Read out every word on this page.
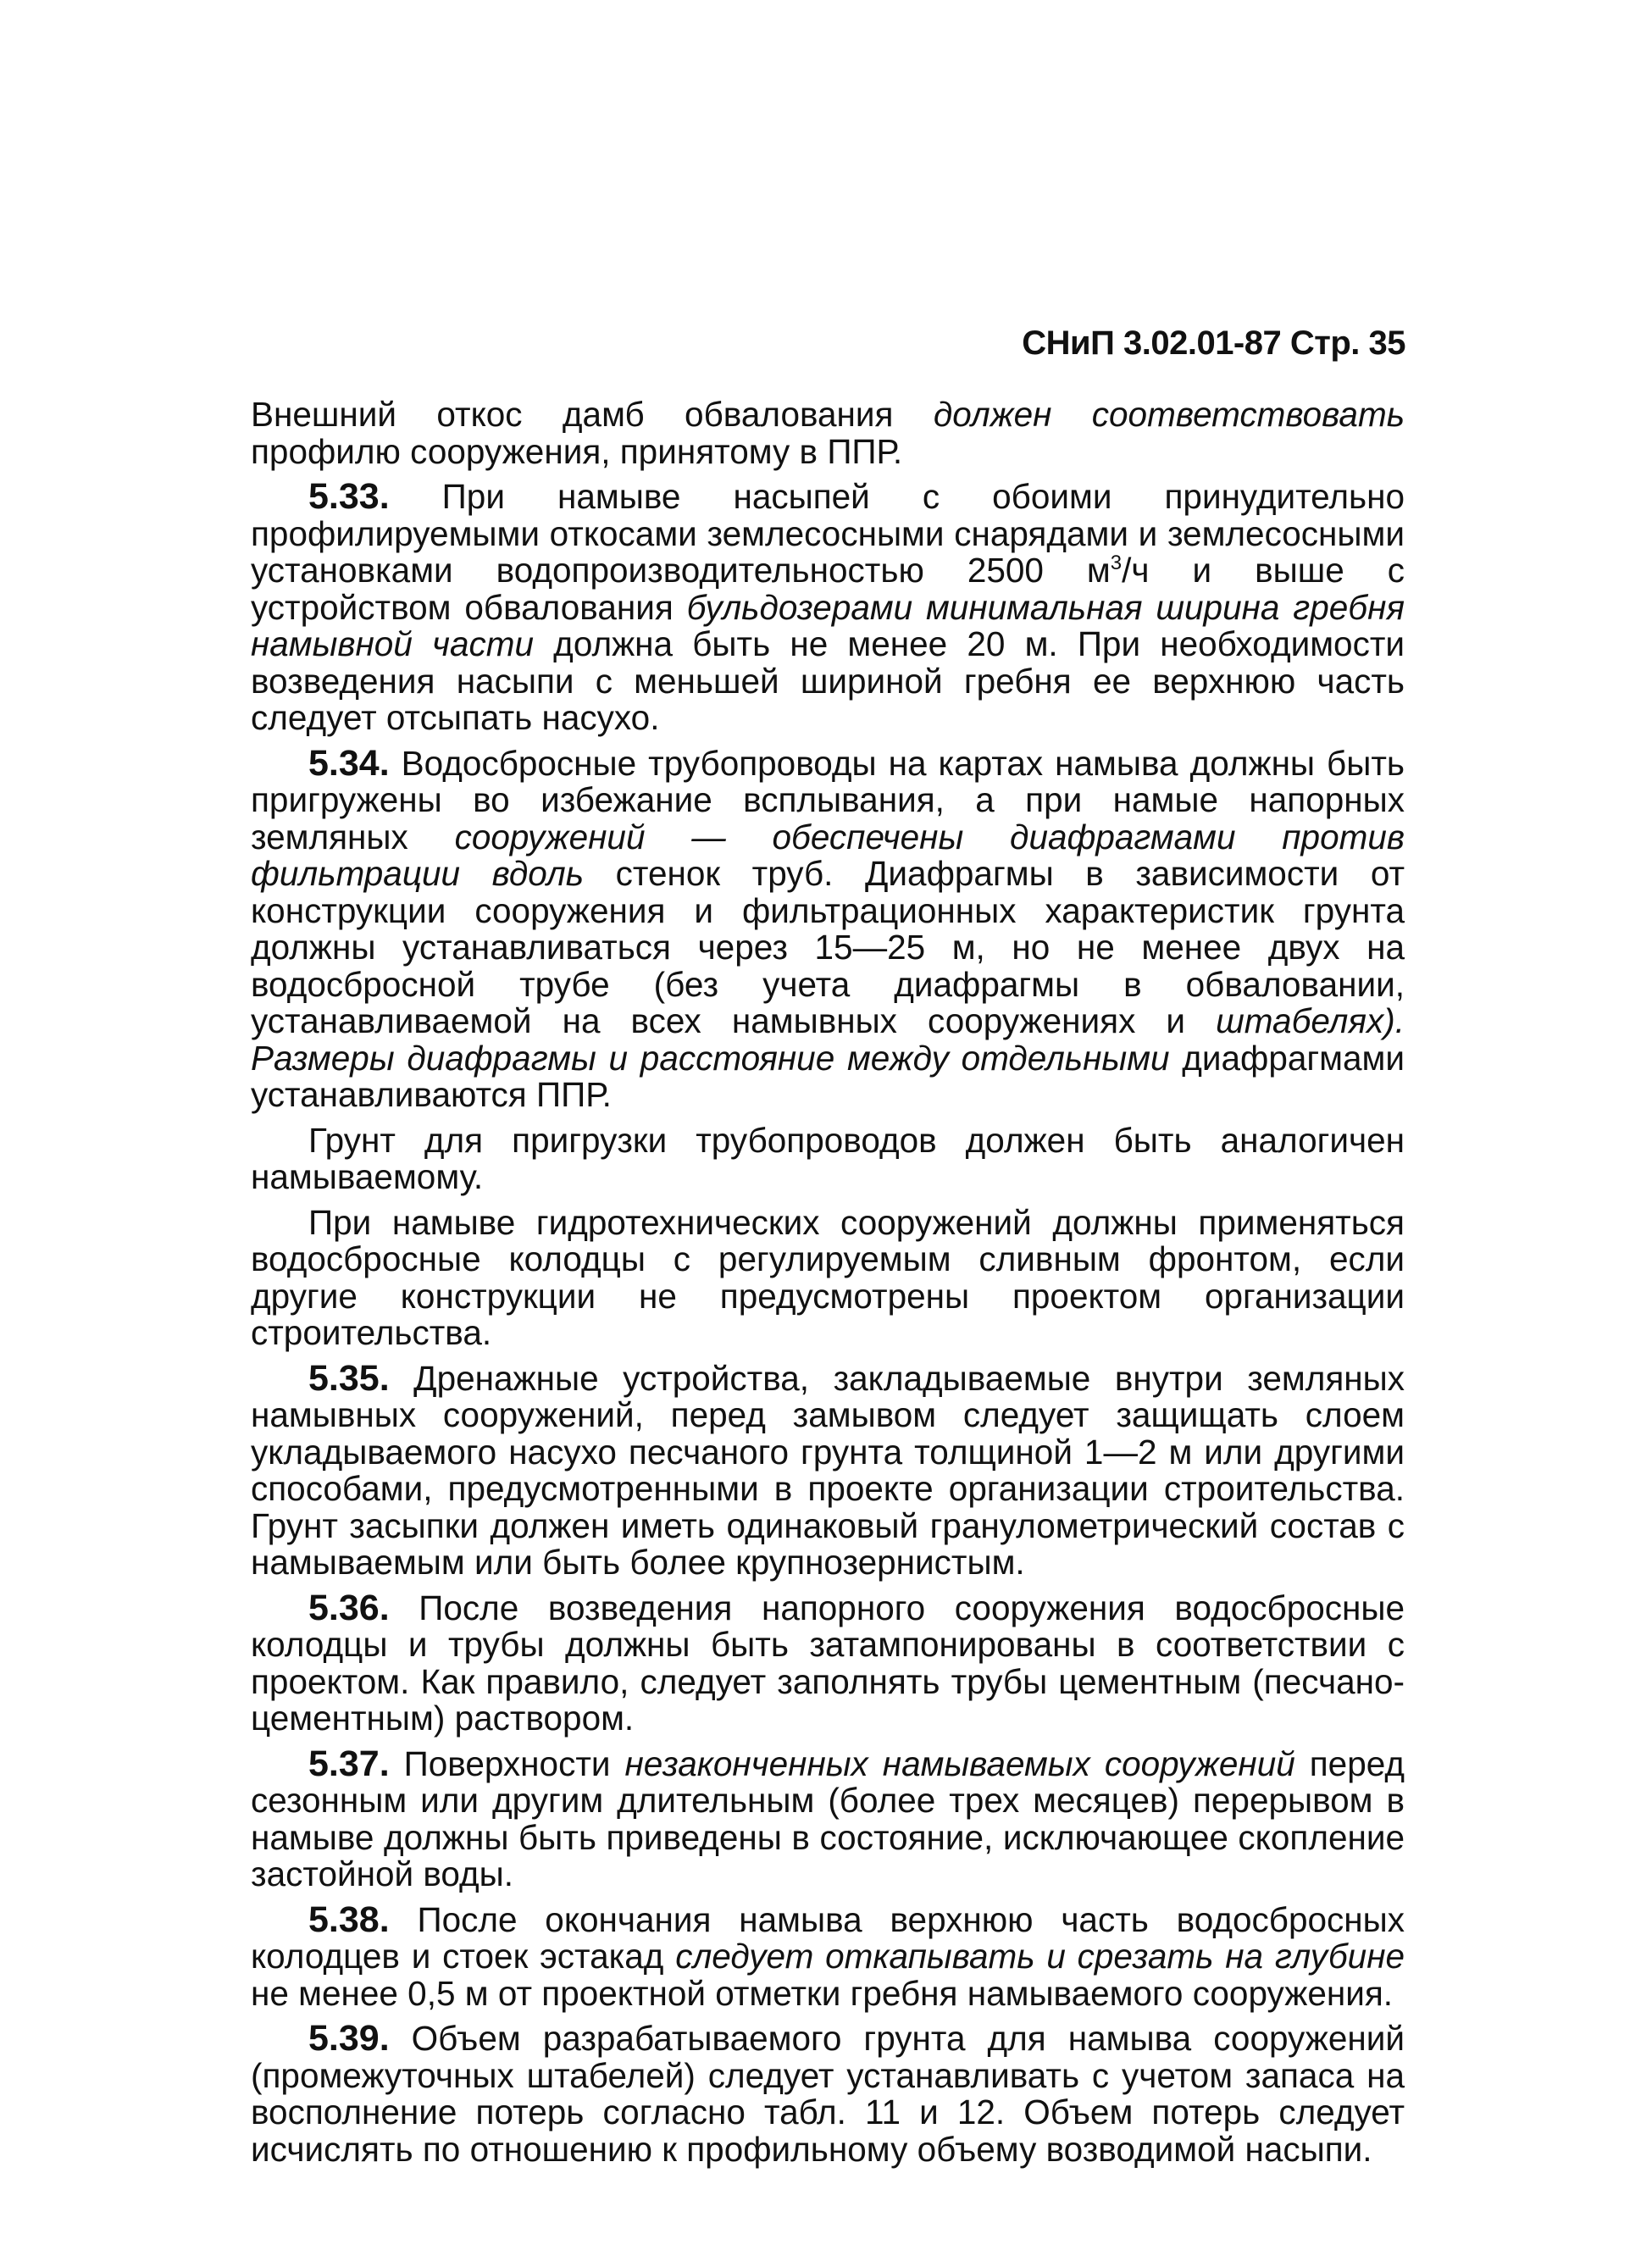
СНиП 3.02.01-87 Стр. 35

Внешний откос дамб обвалования должен соответствовать профилю сооружения, принятому в ППР.

5.33. При намыве насыпей с обоими принудительно профилируемыми откосами землесосными снарядами и землесосными установками водопроизводительностью 2500 $м^3/ч$ и выше с устройством обвалования бульдозерами минимальная ширина гребня намывной части должна быть не менее 20 м. При необходимости возведения насыпи с меньшей шириной гребня ее верхнюю часть следует отсыпать насухо.

5.34. Водосбросные трубопроводы на картах намыва должны быть пригружены во избежание всплывания, а при намые напорных земляных сооружений — обеспечены диафрагмами против фильтрации вдоль стенок труб. Диафрагмы в зависимости от конструкции сооружения и фильтрационных характеристик грунта должны устанавливаться через 15—25 м, но не менее двух на водосбросной трубе (без учета диафрагмы в обваловании, устанавливаемой на всех намывных сооружениях и штабелях). Размеры диафрагмы и расстояние между отдельными диафрагмами устанавливаются ППР.

Грунт для пригрузки трубопроводов должен быть аналогичен намываемому.

При намыве гидротехнических сооружений должны применяться водосбросные колодцы с регулируемым сливным фронтом, если другие конструкции не предусмотрены проектом организации строительства.

5.35. Дренажные устройства, закладываемые внутри земляных намывных сооружений, перед замывом следует защищать слоем укладываемого насухо песчаного грунта толщиной 1—2 м или другими способами, предусмотренными в проекте организации строительства. Грунт засыпки должен иметь одинаковый гранулометрический состав с намываемым или быть более крупнозернистым.

5.36. После возведения напорного сооружения водосбросные колодцы и трубы должны быть затампонированы в соответствии с проектом. Как правило, следует заполнять трубы цементным (песчано-цементным) раствором.

5.37. Поверхности незаконченных намываемых сооружений перед сезонным или другим длительным (более трех месяцев) перерывом в намыве должны быть приведены в состояние, исключающее скопление застойной воды.

5.38. После окончания намыва верхнюю часть водосбросных колодцев и стоек эстакад следует откапывать и срезать на глубине не менее 0,5 м от проектной отметки гребня намываемого сооружения.

5.39. Объем разрабатываемого грунта для намыва сооружений (промежуточных штабелей) следует устанавливать с учетом запаса на восполнение потерь согласно табл. 11 и 12. Объем потерь следует исчислять по отношению к профильному объему возводимой насыпи.
